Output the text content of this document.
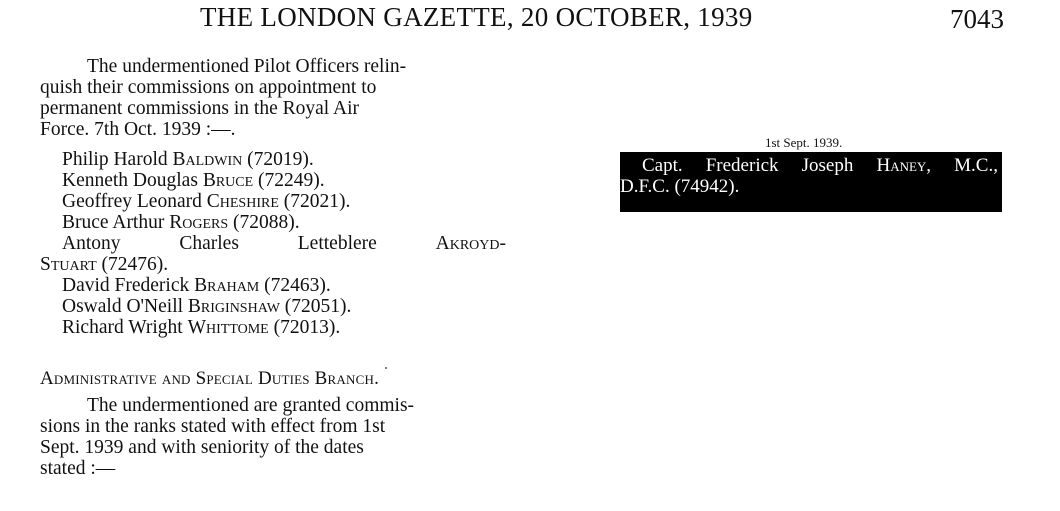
THE LONDON GAZETTE, 20 OCTOBER, 1939	7043
The undermentioned Pilot Officers relin-
quish their commissions on appointment to
permanent commissions in the Royal Air
Force. 7th Oct. 1939 :—.
Philip Harold Baldwin (72019).
Kenneth Douglas Bruce (72249).
Geoffrey Leonard Cheshire (72021).
Bruce Arthur Rogers (72088).
Antony	Charles	Letteblere	Akroyd-
Stuart (72476).
David Frederick Braham (72463).
Oswald O'Neill Briginshaw (72051).
Richard Wright Whittome (72013).
Administrative and Special Duties Branch.
The undermentioned are granted commis-
sions in the ranks stated with effect from 1st
Sept. 1939 and with seniority of the dates
stated :—
1st Sept. 1939.
Capt. Frederick Joseph Haney, M.C.,
D.F.C. (74942).
